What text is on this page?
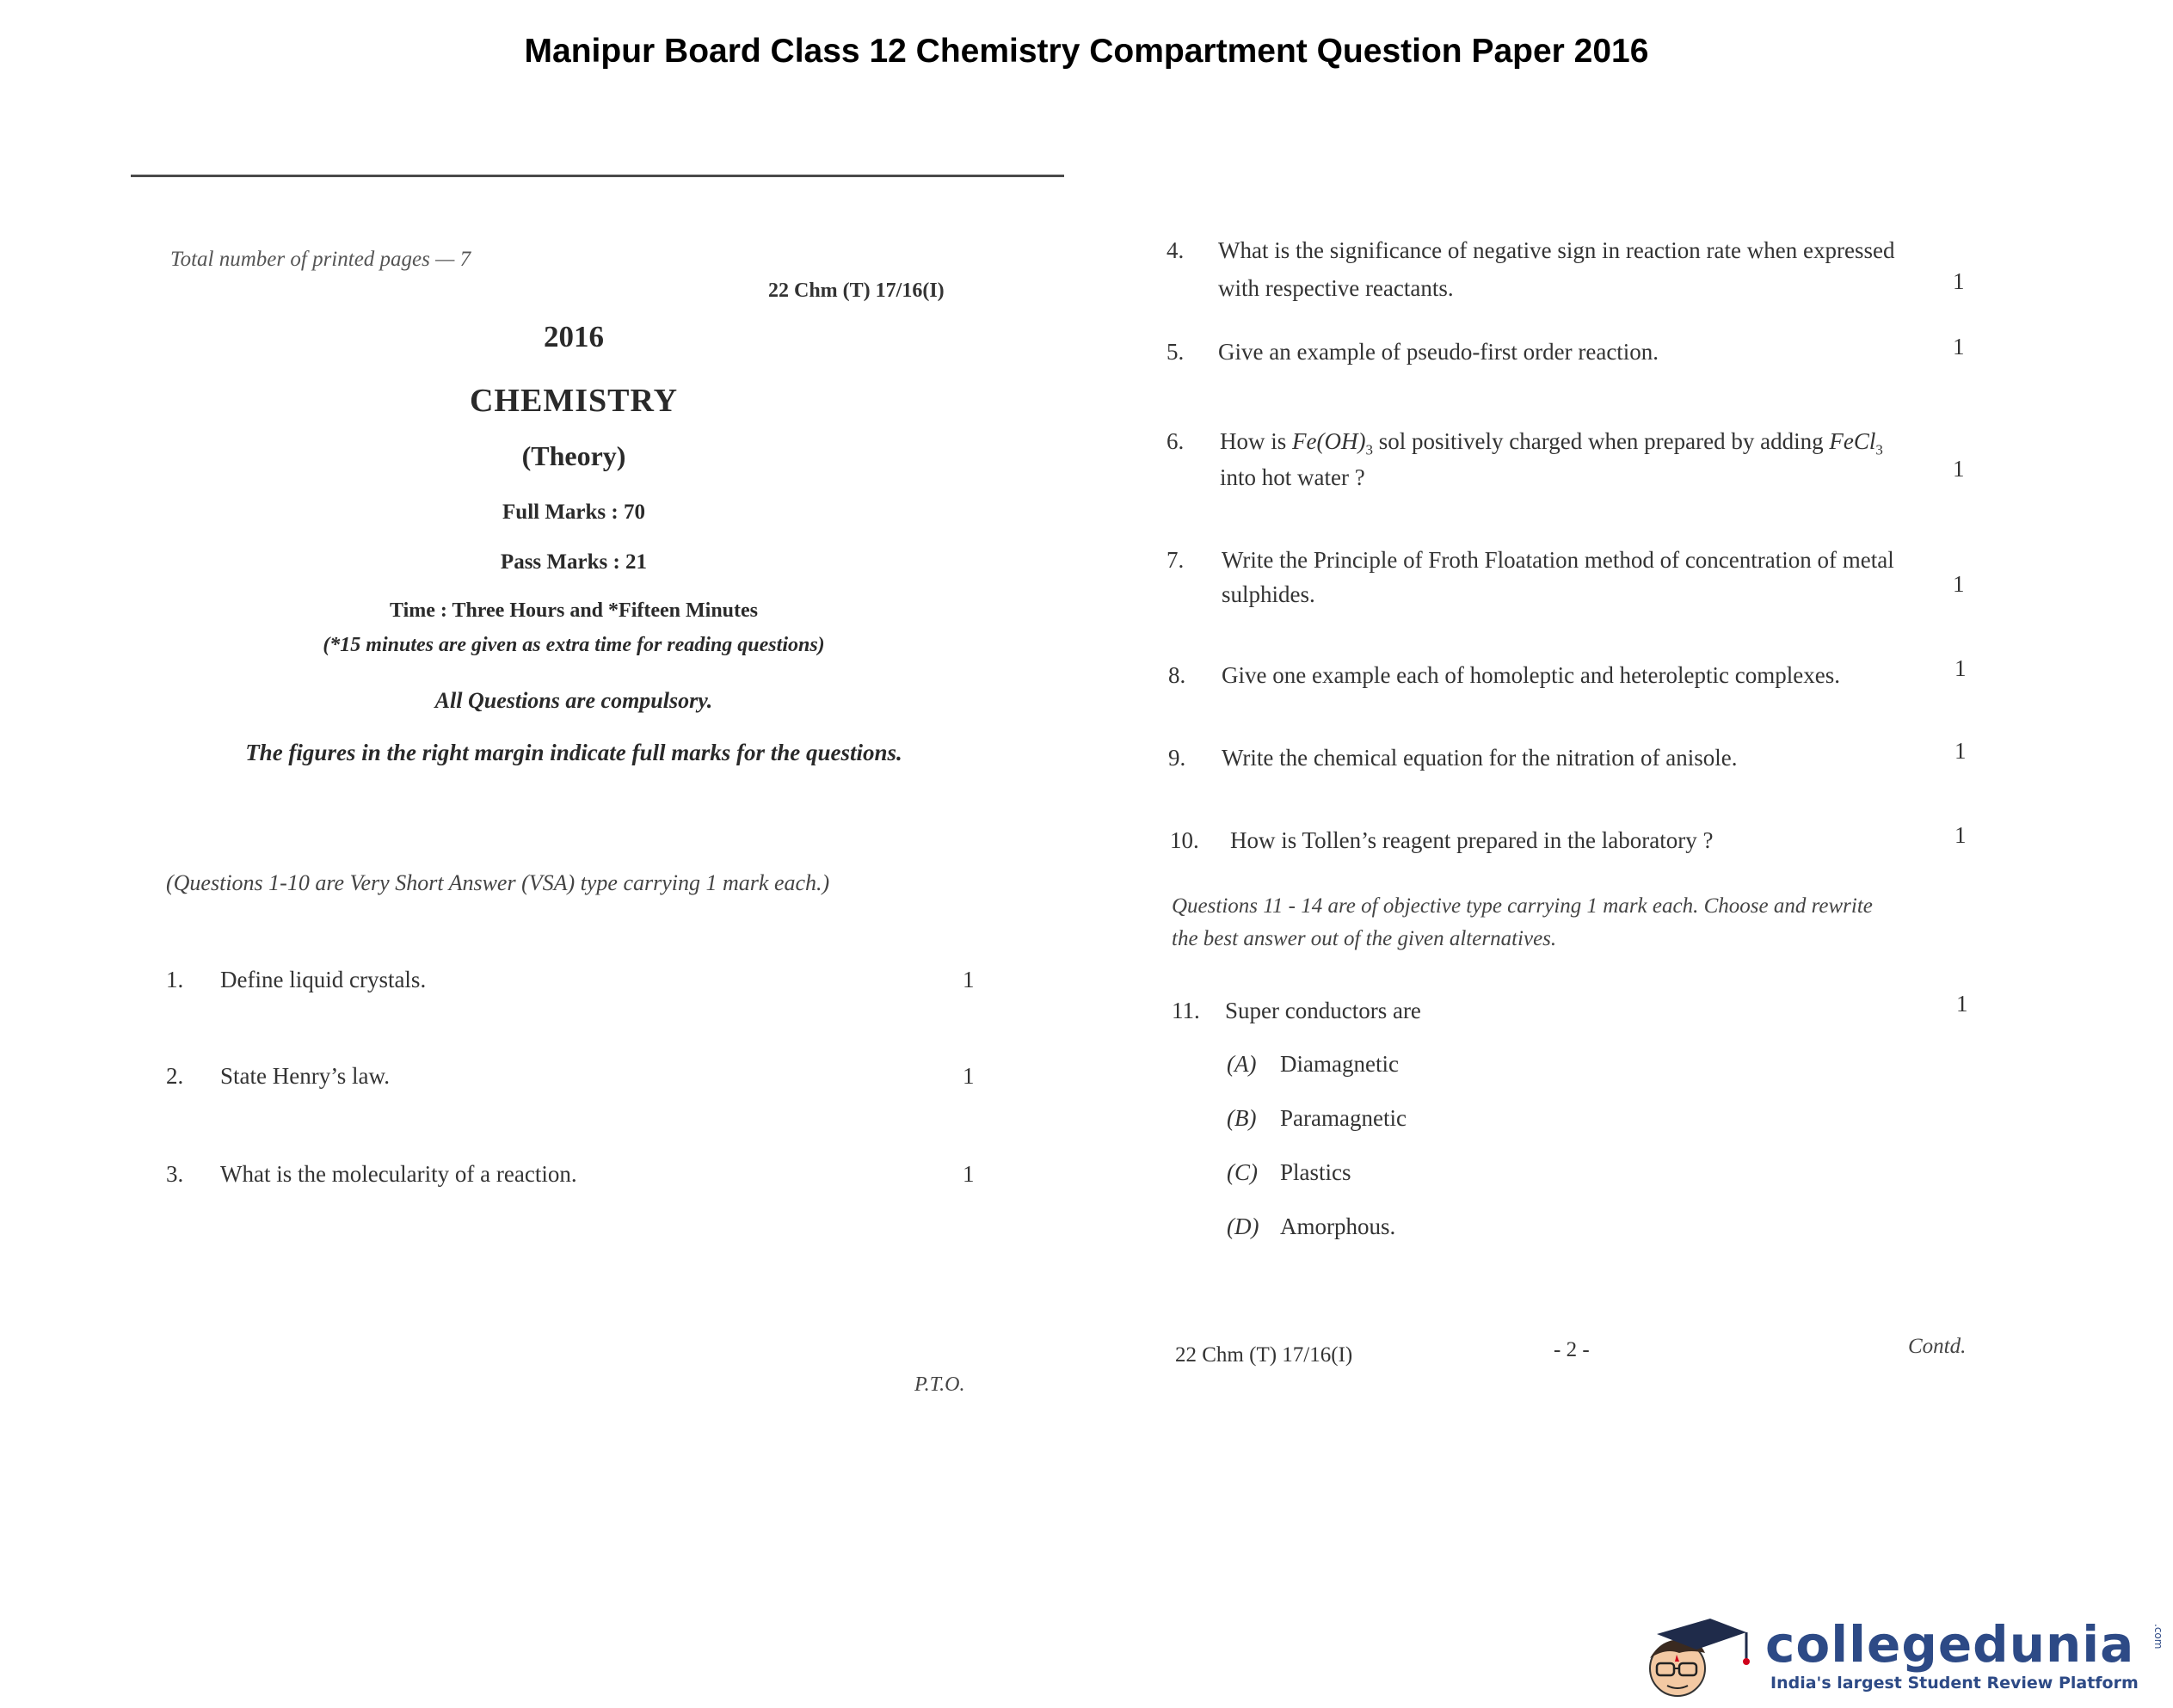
Manipur Board Class 12 Chemistry Compartment Question Paper 2016
Total number of printed pages — 7
22 Chm (T) 17/16(I)
2016
CHEMISTRY
(Theory)
Full Marks : 70
Pass Marks : 21
Time : Three Hours and *Fifteen Minutes
(*15 minutes are given as extra time for reading questions)
All Questions are compulsory.
The figures in the right margin indicate full marks for the questions.
(Questions 1-10 are Very Short Answer (VSA) type carrying 1 mark each.)
1. Define liquid crystals.	1
2. State Henry’s law.	1
3. What is the molecularity of a reaction.	1
P.T.O.
4. What is the significance of negative sign in reaction rate when expressed
with respective reactants.	1
5. Give an example of pseudo-first order reaction.	1
6. How is $Fe(OH)_3$ sol positively charged when prepared by adding FeCl$_3$
into hot water ?	1
7. Write the Principle of Froth Floatation method of concentration of metal
sulphides.	1
8. Give one example each of homoleptic and heteroleptic complexes.	1
9. Write the chemical equation for the nitration of anisole.	1
10. How is Tollen’s reagent prepared in the laboratory ?	1
Questions 11 - 14 are of objective type carrying 1 mark each. Choose and rewrite
the best answer out of the given alternatives.
11. Super conductors are	1
(A) Diamagnetic
(B) Paramagnetic
(C) Plastics
(D) Amorphous.
22 Chm (T) 17/16(I)	- 2 -	Contd.
collegedunia .com
India's largest Student Review Platform
